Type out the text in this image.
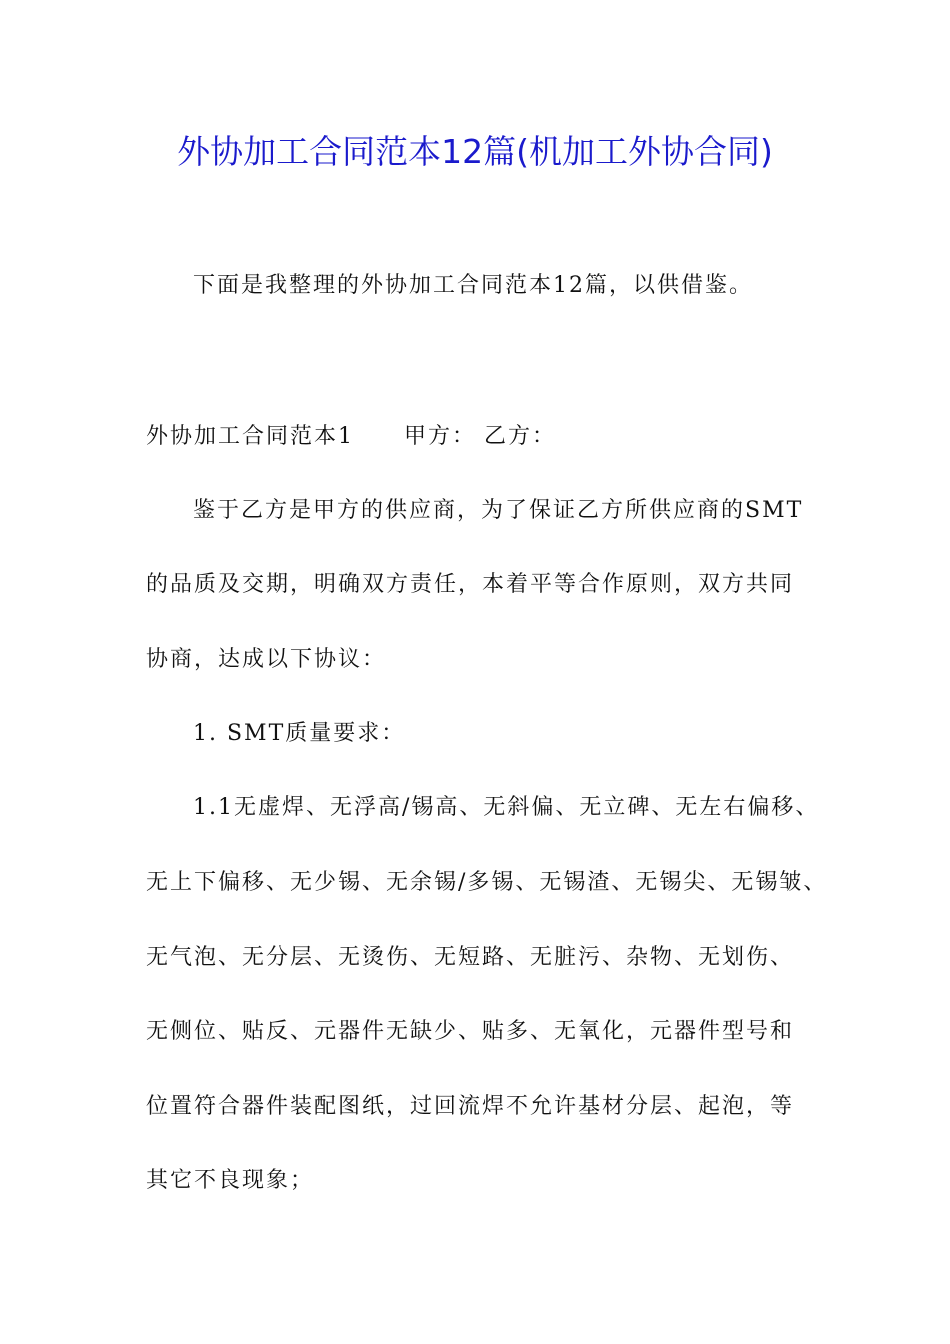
外协加工合同范本12篇(机加工外协合同)
下面是我整理的外协加工合同范本12篇，以供借鉴。
外协加工合同范本1 甲方： 乙方：
鉴于乙方是甲方的供应商，为了保证乙方所供应商的SMT
的品质及交期，明确双方责任，本着平等合作原则，双方共同
协商，达成以下协议：
1. SMT质量要求：
1.1无虚焊、无浮高/锡高、无斜偏、无立碑、无左右偏移、
无上下偏移、无少锡、无余锡/多锡、无锡渣、无锡尖、无锡皱、
无气泡、无分层、无烫伤、无短路、无脏污、杂物、无划伤、
无侧位、贴反、元器件无缺少、贴多、无氧化，元器件型号和
位置符合器件装配图纸，过回流焊不允许基材分层、起泡，等
其它不良现象；
